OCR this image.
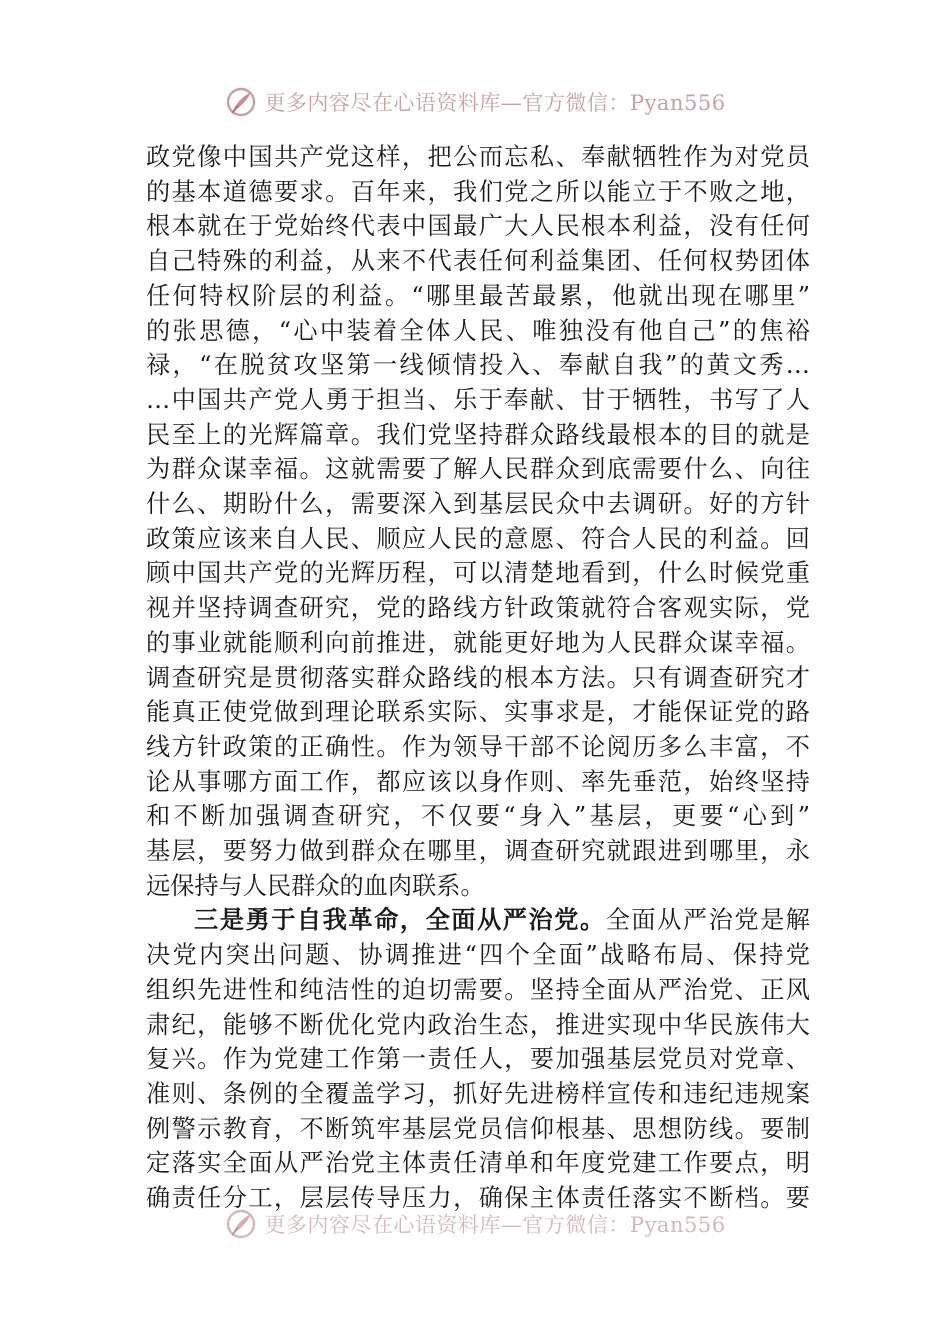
更多内容尽在心语资料库—官方微信：Pyan556
政党像中国共产党这样，把公而忘私、奉献牺牲作为对党员
的基本道德要求。百年来，我们党之所以能立于不败之地，
根本就在于党始终代表中国最广大人民根本利益，没有任何
自己特殊的利益，从来不代表任何利益集团、任何权势团体
任何特权阶层的利益。“哪里最苦最累，他就出现在哪里”
的张思德，“心中装着全体人民、唯独没有他自己”的焦裕
禄，“在脱贫攻坚第一线倾情投入、奉献自我”的黄文秀…
…中国共产党人勇于担当、乐于奉献、甘于牺牲，书写了人
民至上的光辉篇章。我们党坚持群众路线最根本的目的就是
为群众谋幸福。这就需要了解人民群众到底需要什么、向往
什么、期盼什么，需要深入到基层民众中去调研。好的方针
政策应该来自人民、顺应人民的意愿、符合人民的利益。回
顾中国共产党的光辉历程，可以清楚地看到，什么时候党重
视并坚持调查研究，党的路线方针政策就符合客观实际，党
的事业就能顺利向前推进，就能更好地为人民群众谋幸福。
调查研究是贯彻落实群众路线的根本方法。只有调查研究才
能真正使党做到理论联系实际、实事求是，才能保证党的路
线方针政策的正确性。作为领导干部不论阅历多么丰富，不
论从事哪方面工作，都应该以身作则、率先垂范，始终坚持
和不断加强调查研究，不仅要“身入”基层，更要“心到”
基层，要努力做到群众在哪里，调查研究就跟进到哪里，永
远保持与人民群众的血肉联系。
三是勇于自我革命，全面从严治党。全面从严治党是解
决党内突出问题、协调推进“四个全面”战略布局、保持党
组织先进性和纯洁性的迫切需要。坚持全面从严治党、正风
肃纪，能够不断优化党内政治生态，推进实现中华民族伟大
复兴。作为党建工作第一责任人，要加强基层党员对党章、
准则、条例的全覆盖学习，抓好先进榜样宣传和违纪违规案
例警示教育，不断筑牢基层党员信仰根基、思想防线。要制
定落实全面从严治党主体责任清单和年度党建工作要点，明
确责任分工，层层传导压力，确保主体责任落实不断档。要
更多内容尽在心语资料库—官方微信：Pyan556
